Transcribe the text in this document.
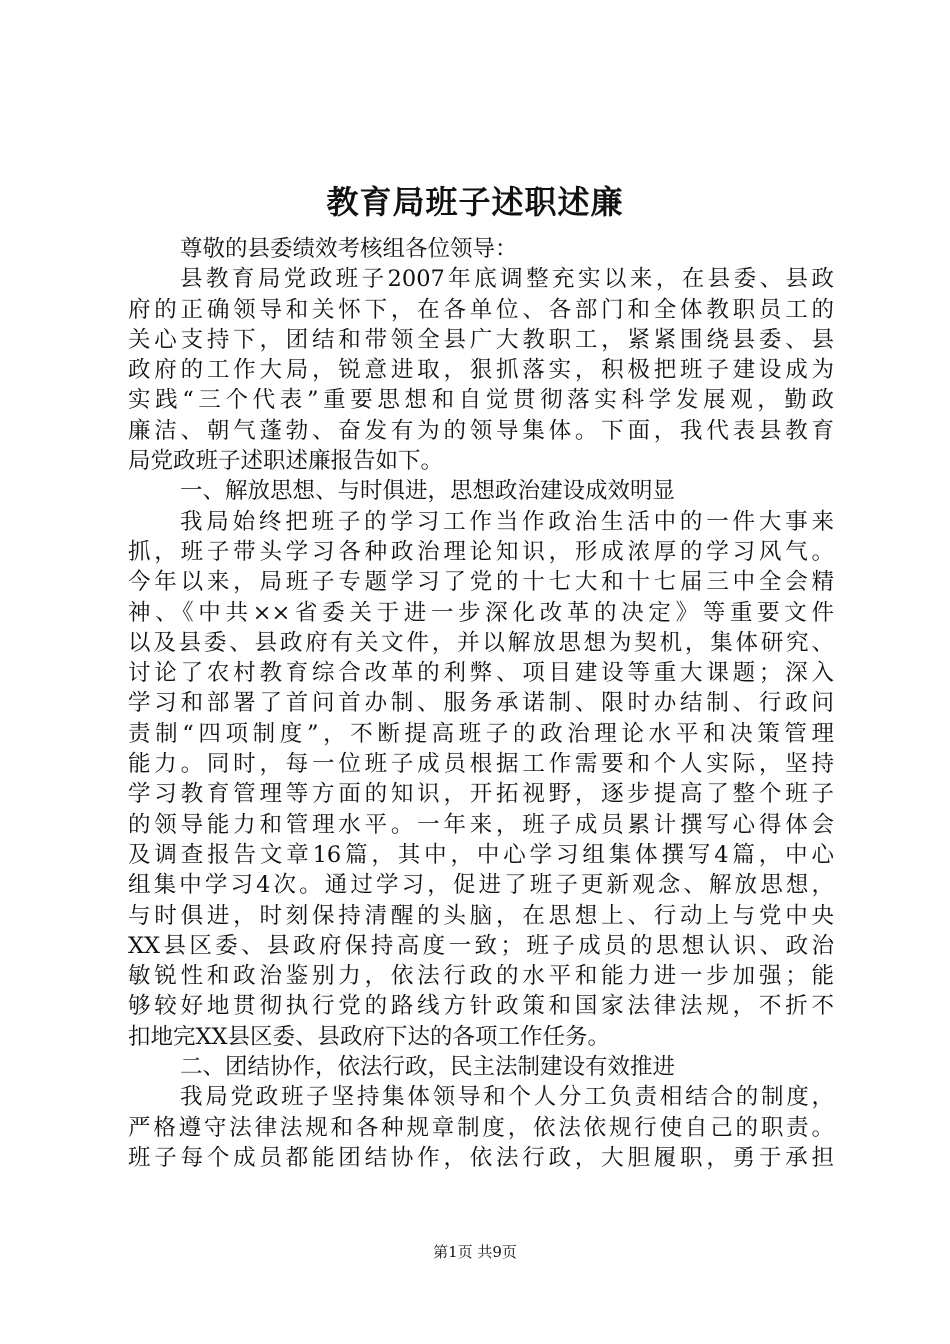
教育局班子述职述廉
尊敬的县委绩效考核组各位领导：
县教育局党政班子2007年底调整充实以来，在县委、县政
府的正确领导和关怀下，在各单位、各部门和全体教职员工的
关心支持下，团结和带领全县广大教职工，紧紧围绕县委、县
政府的工作大局，锐意进取，狠抓落实，积极把班子建设成为
实践“三个代表”重要思想和自觉贯彻落实科学发展观，勤政
廉洁、朝气蓬勃、奋发有为的领导集体。下面，我代表县教育
局党政班子述职述廉报告如下。
一、解放思想、与时俱进，思想政治建设成效明显
我局始终把班子的学习工作当作政治生活中的一件大事来
抓，班子带头学习各种政治理论知识，形成浓厚的学习风气。
今年以来，局班子专题学习了党的十七大和十七届三中全会精
神、《中共××省委关于进一步深化改革的决定》等重要文件
以及县委、县政府有关文件，并以解放思想为契机，集体研究、
讨论了农村教育综合改革的利弊、项目建设等重大课题；深入
学习和部署了首问首办制、服务承诺制、限时办结制、行政问
责制“四项制度”，不断提高班子的政治理论水平和决策管理
能力。同时，每一位班子成员根据工作需要和个人实际，坚持
学习教育管理等方面的知识，开拓视野，逐步提高了整个班子
的领导能力和管理水平。一年来，班子成员累计撰写心得体会
及调查报告文章16篇，其中，中心学习组集体撰写4篇，中心
组集中学习4次。通过学习，促进了班子更新观念、解放思想，
与时俱进，时刻保持清醒的头脑，在思想上、行动上与党中央
XX县区委、县政府保持高度一致；班子成员的思想认识、政治
敏锐性和政治鉴别力，依法行政的水平和能力进一步加强；能
够较好地贯彻执行党的路线方针政策和国家法律法规，不折不
扣地完XX县区委、县政府下达的各项工作任务。
二、团结协作，依法行政，民主法制建设有效推进
我局党政班子坚持集体领导和个人分工负责相结合的制度，
严格遵守法律法规和各种规章制度，依法依规行使自己的职责。
班子每个成员都能团结协作，依法行政，大胆履职，勇于承担
第1页 共9页
